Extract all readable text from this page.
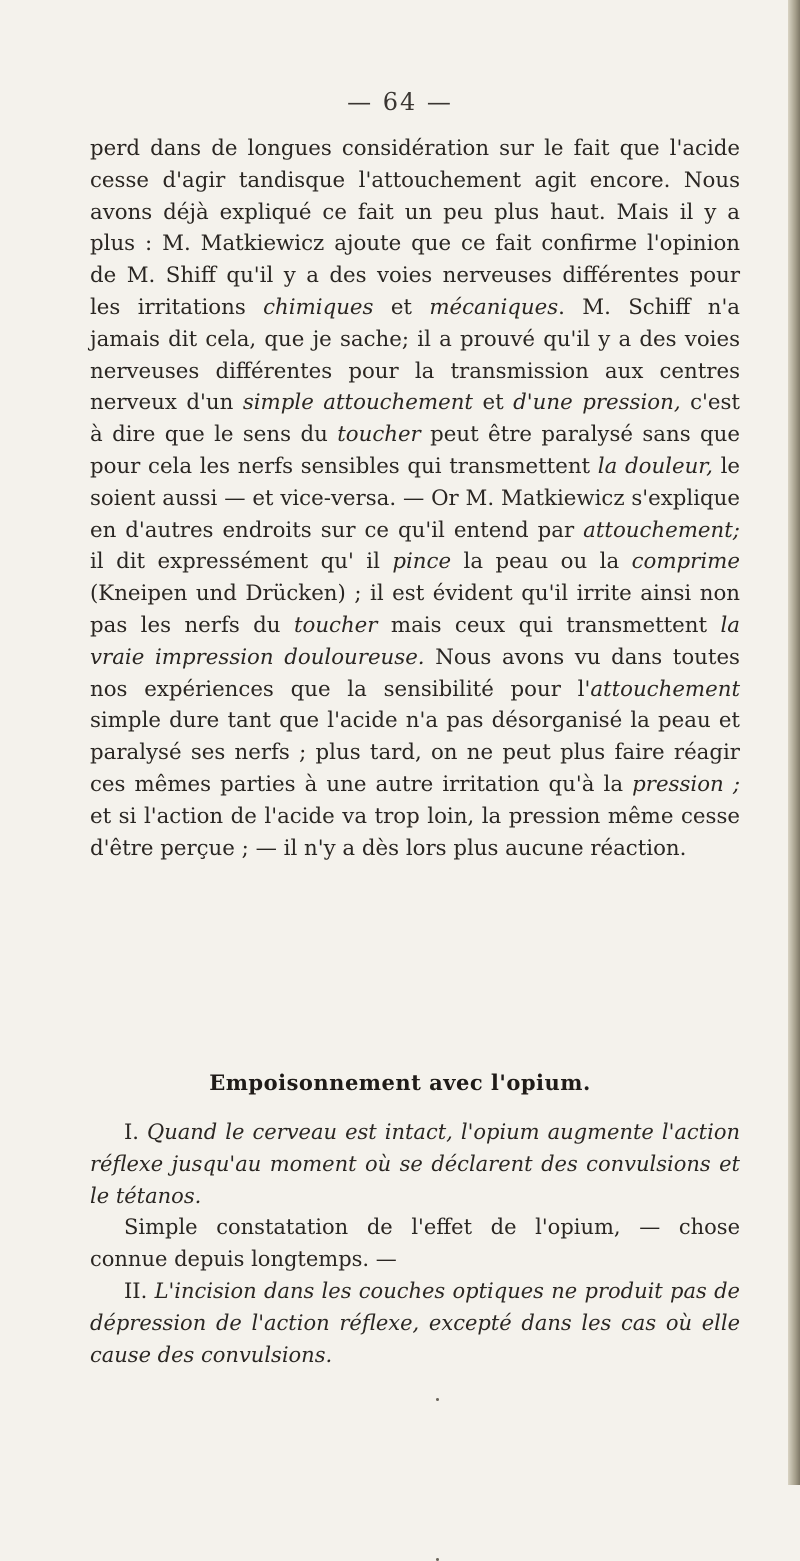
— 64 —

perd dans de longues considération sur le fait que l'acide cesse d'agir tandisque l'attouchement agit encore. Nous avons déjà expliqué ce fait un peu plus haut. Mais il y a plus : M. Matkiewicz ajoute que ce fait confirme l'opinion de M. Shiff qu'il y a des voies nerveuses différentes pour les irritations chimiques et mécaniques. M. Schiff n'a jamais dit cela, que je sache; il a prouvé qu'il y a des voies nerveuses différentes pour la transmission aux centres nerveux d'un simple attouchement et d'une pression, c'est à dire que le sens du toucher peut être paralysé sans que pour cela les nerfs sensibles qui transmettent la douleur, le soient aussi — et vice-versa. — Or M. Matkiewicz s'explique en d'autres endroits sur ce qu'il entend par attouchement; il dit expressément qu' il pince la peau ou la comprime (Kneipen und Drücken) ; il est évident qu'il irrite ainsi non pas les nerfs du toucher mais ceux qui transmettent la vraie impression douloureuse. Nous avons vu dans toutes nos expériences que la sensibilité pour l'attouchement simple dure tant que l'acide n'a pas désorganisé la peau et paralysé ses nerfs ; plus tard, on ne peut plus faire réagir ces mêmes parties à une autre irritation qu'à la pression ; et si l'action de l'acide va trop loin, la pression même cesse d'être perçue ; — il n'y a dès lors plus aucune réaction.

Empoisonnement avec l'opium.

I. Quand le cerveau est intact, l'opium augmente l'action réflexe jusqu'au moment où se déclarent des convulsions et le tétanos.

Simple constatation de l'effet de l'opium, — chose connue depuis longtemps. —

II. L'incision dans les couches optiques ne produit pas de dépression de l'action réflexe, excepté dans les cas où elle cause des convulsions.
